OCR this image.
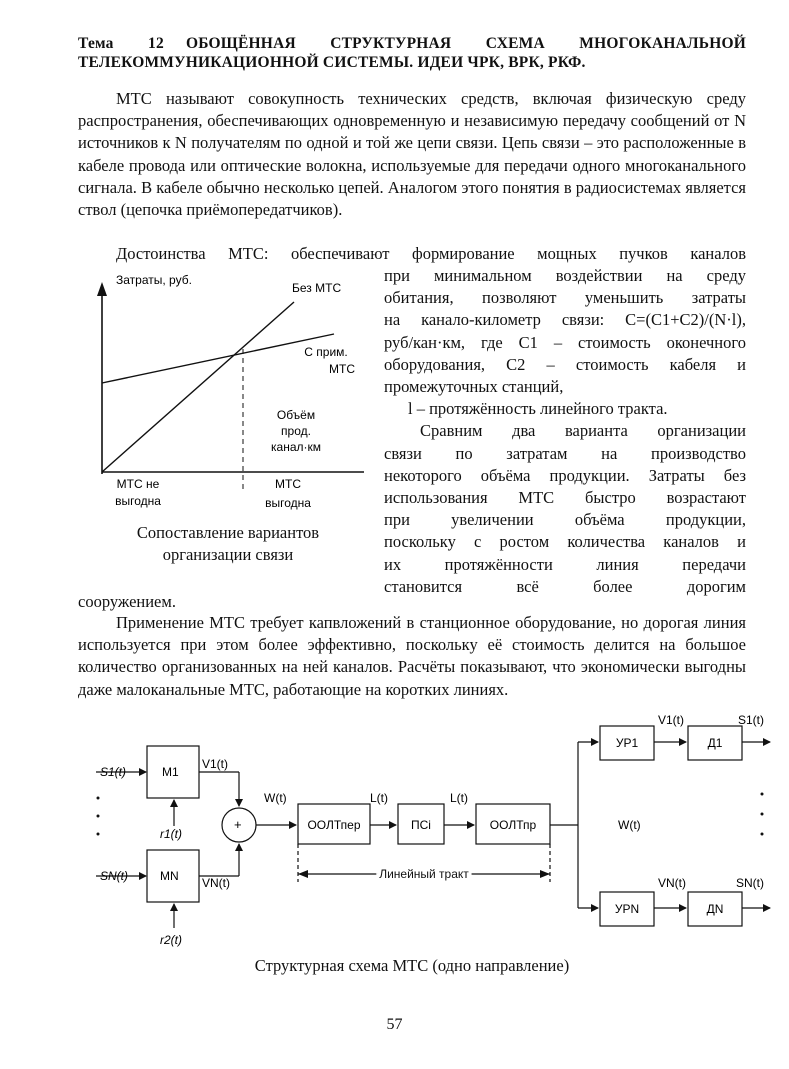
Тема 12 ОБОЩЁННАЯ СТРУКТУРНАЯ СХЕМА МНОГОКАНАЛЬНОЙ ТЕЛЕКОММУНИКАЦИОННОЙ СИСТЕМЫ. ИДЕИ ЧРК, ВРК, РКФ.
МТС называют совокупность технических средств, включая физическую среду распространения, обеспечивающих одновременную и независимую передачу сообщений от N источников к N получателям по одной и той же цепи связи. Цепь связи – это расположенные в кабеле провода или оптические волокна, используемые для передачи одного многоканального сигнала. В кабеле обычно несколько цепей. Аналогом этого понятия в радиосистемах является ствол (цепочка приёмопередатчиков).
Достоинства МТС: обеспечивают формирование мощных пучков каналов
при минимальном воздействии на среду
обитания, позволяют уменьшить затраты
на канало-километр связи: C=(C1+C2)/(N·l),
руб/кан·км, где C1 – стоимость оконечного
оборудования, C2 – стоимость кабеля и
промежуточных станций,
l – протяжённость линейного тракта.
Сравним два варианта организации
связи по затратам на производство
некоторого объёма продукции. Затраты без
использования МТС быстро возрастают
при увеличении объёма продукции,
поскольку с ростом количества каналов и
их протяжённости линия передачи
становится всё более дорогим
Затраты, руб.
Без МТС
С прим.
МТС
Объём
прод.
канал·км
МТС не
выгодна
МТС
выгодна
Сопоставление вариантов
организации связи
сооружением.
Применение МТС требует капвложений в станционное оборудование, но дорогая линия используется при этом более эффективно, поскольку её стоимость делится на большое количество организованных на ней каналов. Расчёты показывают, что экономически выгодны даже малоканальные МТС, работающие на коротких линиях.
S1(t)	M1
V1(t)
r1(t)
SN(t)	MN VN(t)
r2(t)
+
W(t)
ООЛТпер
L(t)
ПСi
L(t)
ООЛТпр	W(t)
Линейный тракт
УР1	Д1
V1(t)	S1(t)
УРN	ДN
VN(t)	SN(t)
Структурная схема МТС (одно направление)
57
